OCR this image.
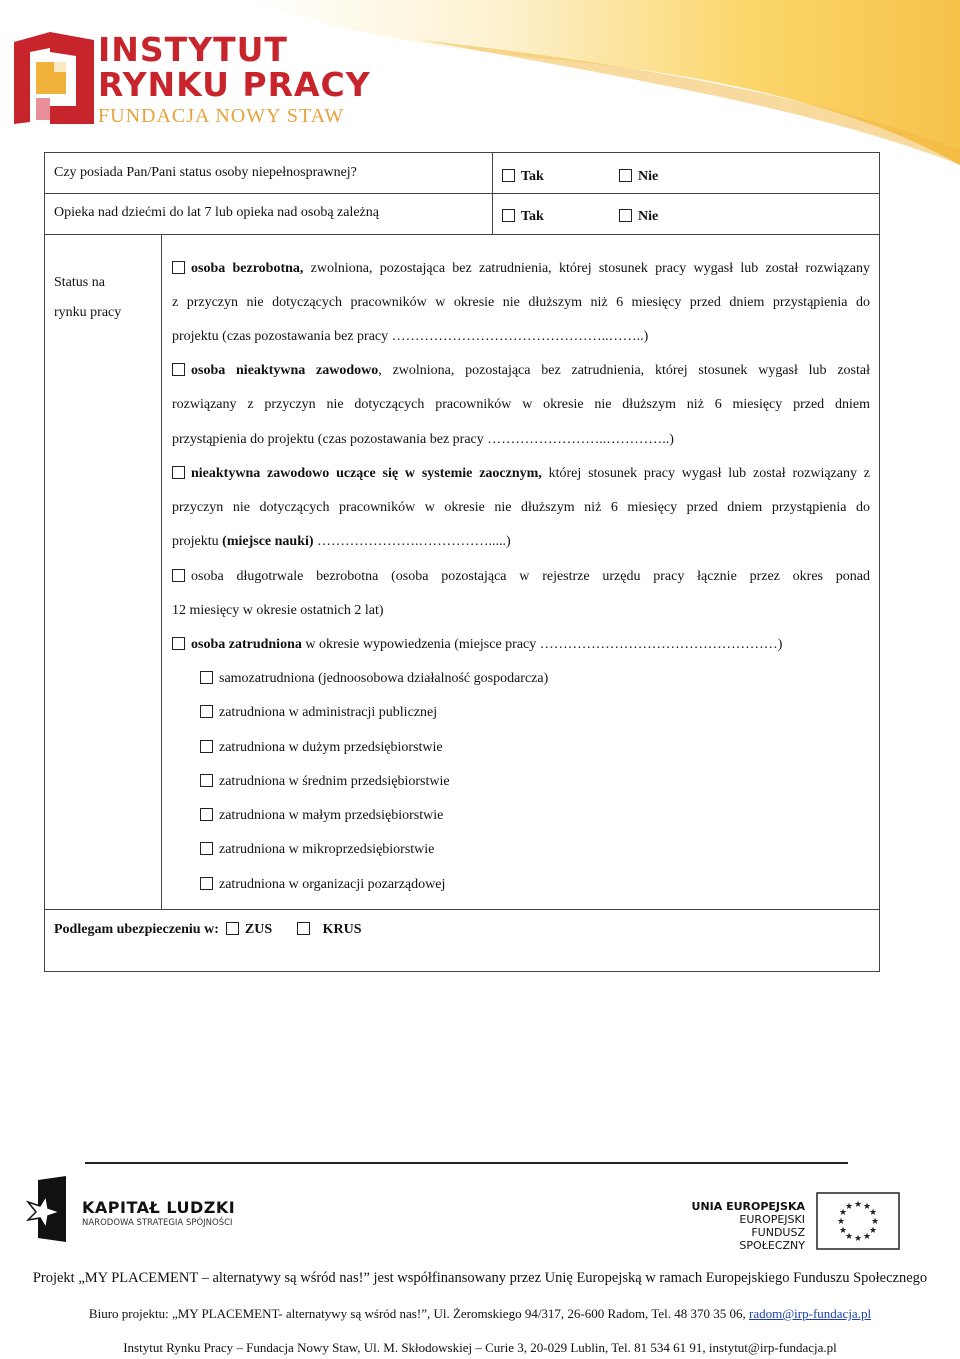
INSTYTUT
RYNKU PRACY
FUNDACJA NOWY STAW
Czy posiada Pan/Pani status osoby niepełnosprawnej?	Tak	Nie
Opieka nad dziećmi do lat 7 lub opieka nad osobą zależną	Tak	Nie
Status na
rynku pracy
osoba bezrobotna, zwolniona, pozostająca bez zatrudnienia, której stosunek pracy wygasł lub został rozwiązany
z przyczyn nie dotyczących pracowników w okresie nie dłuższym niż 6 miesięcy przed dniem przystąpienia do
projektu (czas pozostawania bez pracy ………………………………………..……..)
osoba nieaktywna zawodowo, zwolniona, pozostająca bez zatrudnienia, której stosunek wygasł lub został
rozwiązany z przyczyn nie dotyczących pracowników w okresie nie dłuższym niż 6 miesięcy przed dniem
przystąpienia do projektu (czas pozostawania bez pracy ……………………..…………..)
nieaktywna zawodowo uczące się w systemie zaocznym, której stosunek pracy wygasł lub został rozwiązany z
przyczyn nie dotyczących pracowników w okresie nie dłuższym niż 6 miesięcy przed dniem przystąpienia do
projektu (miejsce nauki) ………………….…………….....)
osoba długotrwale bezrobotna (osoba pozostająca w rejestrze urzędu pracy łącznie przez okres ponad
12 miesięcy w okresie ostatnich 2 lat)
osoba zatrudniona w okresie wypowiedzenia (miejsce pracy ……………………………………………)
samozatrudniona (jednoosobowa działalność gospodarcza)
zatrudniona w administracji publicznej
zatrudniona w dużym przedsiębiorstwie
zatrudniona w średnim przedsiębiorstwie
zatrudniona w małym przedsiębiorstwie
zatrudniona w mikroprzedsiębiorstwie
zatrudniona w organizacji pozarządowej
Podlegam ubezpieczeniu w: ZUS	KRUS
KAPITAŁ LUDZKI
NARODOWA STRATEGIA SPÓJNOŚCI
UNIA EUROPEJSKA
EUROPEJSKI
FUNDUSZ SPOŁECZNY
★ ★
★
★
★
★
★
★
★
★
★
★
Projekt „MY PLACEMENT – alternatywy są wśród nas!” jest współfinansowany przez Unię Europejską w ramach Europejskiego Funduszu Społecznego
Biuro projektu: „MY PLACEMENT- alternatywy są wśród nas!”, Ul. Żeromskiego 94/317, 26-600 Radom, Tel. 48 370 35 06, radom@irp-fundacja.pl
Instytut Rynku Pracy – Fundacja Nowy Staw, Ul. M. Skłodowskiej – Curie 3, 20-029 Lublin, Tel. 81 534 61 91, instytut@irp-fundacja.pl
